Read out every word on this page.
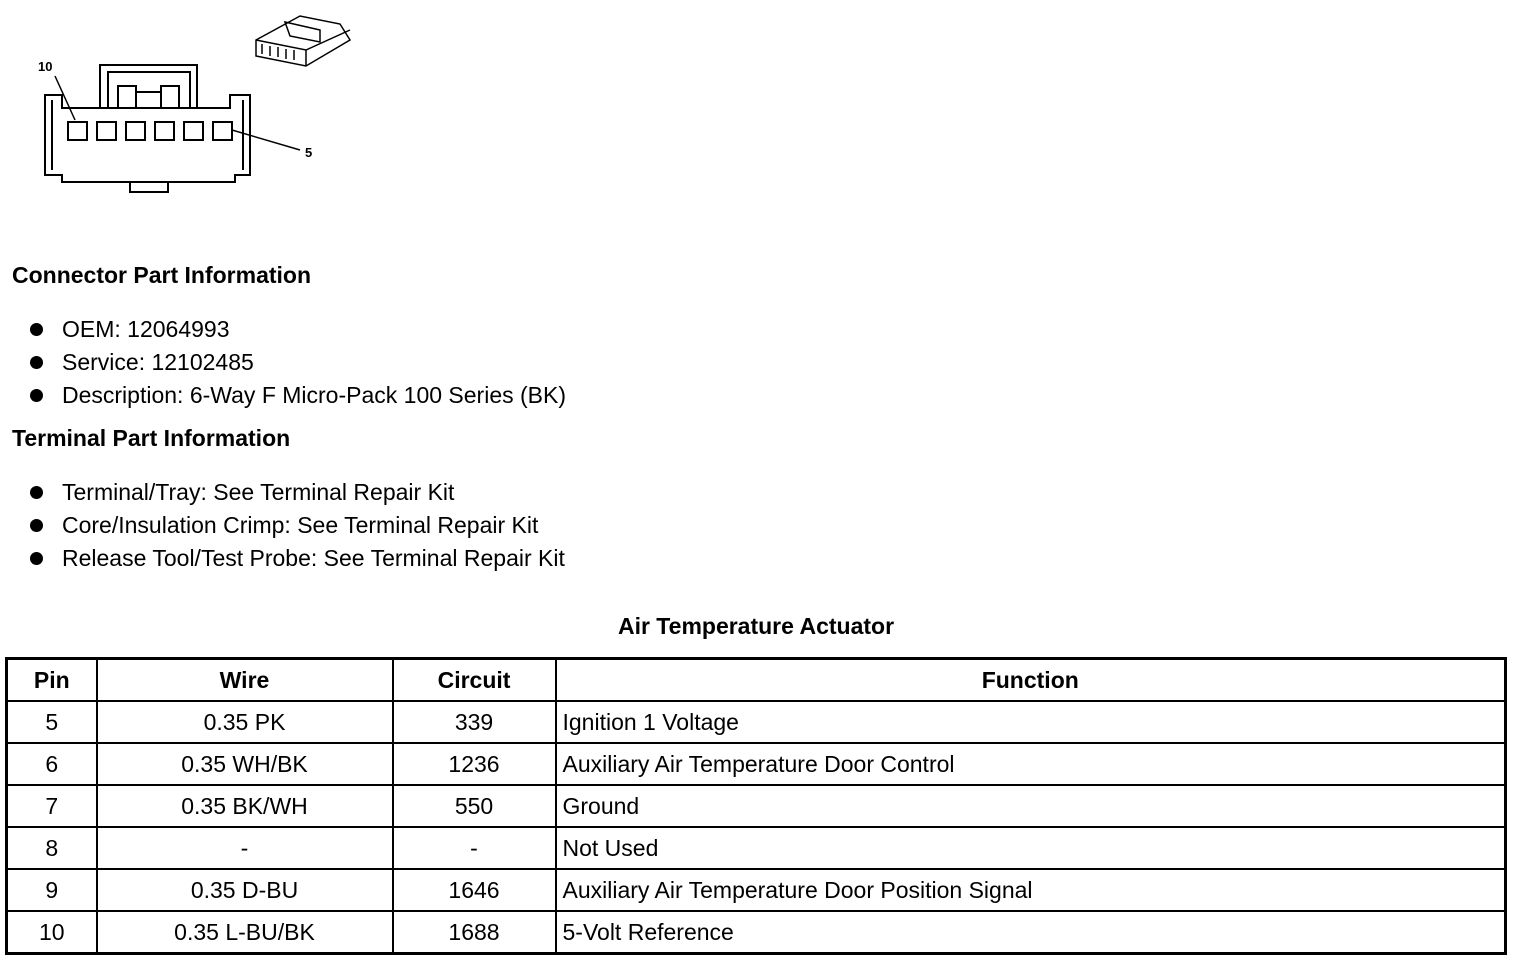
10
5
Connector Part Information
OEM: 12064993
Service: 12102485
Description: 6-Way F Micro-Pack 100 Series (BK)
Terminal Part Information
Terminal/Tray: See Terminal Repair Kit
Core/Insulation Crimp: See Terminal Repair Kit
Release Tool/Test Probe: See Terminal Repair Kit
Air Temperature Actuator
Pin	Wire	Circuit	Function
5	0.35 PK	339	Ignition 1 Voltage
6	0.35 WH/BK	1236	Auxiliary Air Temperature Door Control
7	0.35 BK/WH	550	Ground
8	-	-	Not Used
9	0.35 D-BU	1646	Auxiliary Air Temperature Door Position Signal
10	0.35 L-BU/BK	1688	5-Volt Reference
